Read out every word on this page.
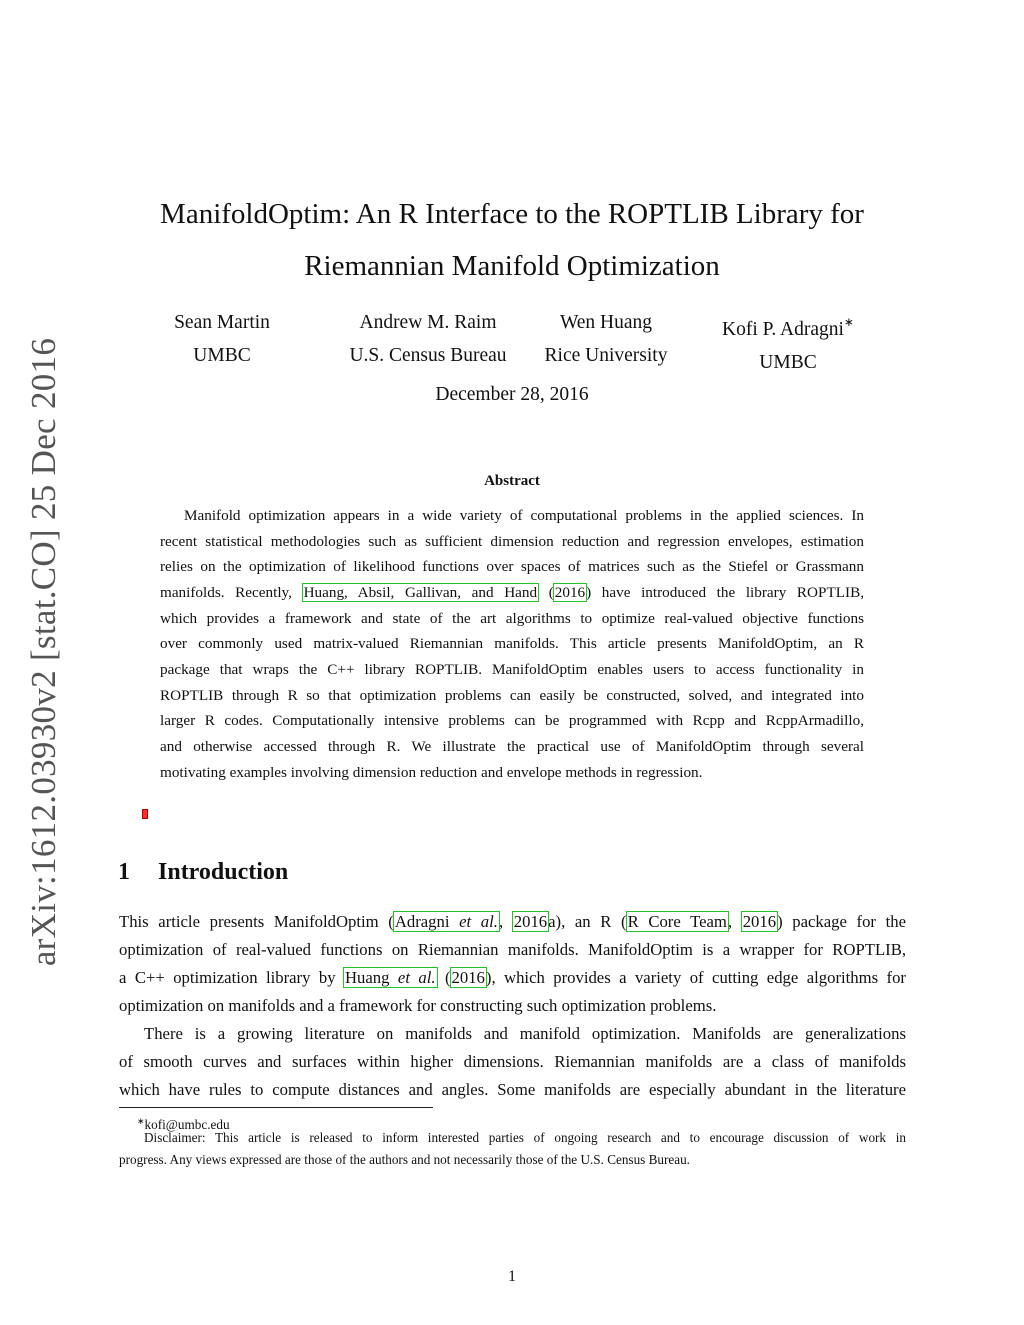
arXiv:1612.03930v2 [stat.CO] 25 Dec 2016
ManifoldOptim: An R Interface to the ROPTLIB Library for
Riemannian Manifold Optimization
Sean Martin
UMBC
Andrew M. Raim
U.S. Census Bureau
Wen Huang
Rice University
Kofi P. Adragni∗
UMBC
December 28, 2016
Abstract
Manifold optimization appears in a wide variety of computational problems in the applied sciences. In
recent statistical methodologies such as sufficient dimension reduction and regression envelopes, estimation
relies on the optimization of likelihood functions over spaces of matrices such as the Stiefel or Grassmann
manifolds. Recently, Huang, Absil, Gallivan, and Hand (2016) have introduced the library ROPTLIB,
which provides a framework and state of the art algorithms to optimize real-valued objective functions
over commonly used matrix-valued Riemannian manifolds. This article presents ManifoldOptim, an R
package that wraps the C++ library ROPTLIB. ManifoldOptim enables users to access functionality in
ROPTLIB through R so that optimization problems can easily be constructed, solved, and integrated into
larger R codes. Computationally intensive problems can be programmed with Rcpp and RcppArmadillo,
and otherwise accessed through R. We illustrate the practical use of ManifoldOptim through several
motivating examples involving dimension reduction and envelope methods in regression.
1 Introduction
This article presents ManifoldOptim (Adragni et al., 2016a), an R (R Core Team, 2016) package for the
optimization of real-valued functions on Riemannian manifolds. ManifoldOptim is a wrapper for ROPTLIB,
a C++ optimization library by Huang et al. (2016), which provides a variety of cutting edge algorithms for
optimization on manifolds and a framework for constructing such optimization problems.
There is a growing literature on manifolds and manifold optimization. Manifolds are generalizations
of smooth curves and surfaces within higher dimensions. Riemannian manifolds are a class of manifolds
which have rules to compute distances and angles. Some manifolds are especially abundant in the literature
∗kofi@umbc.edu
Disclaimer: This article is released to inform interested parties of ongoing research and to encourage discussion of work in
progress. Any views expressed are those of the authors and not necessarily those of the U.S. Census Bureau.
1
